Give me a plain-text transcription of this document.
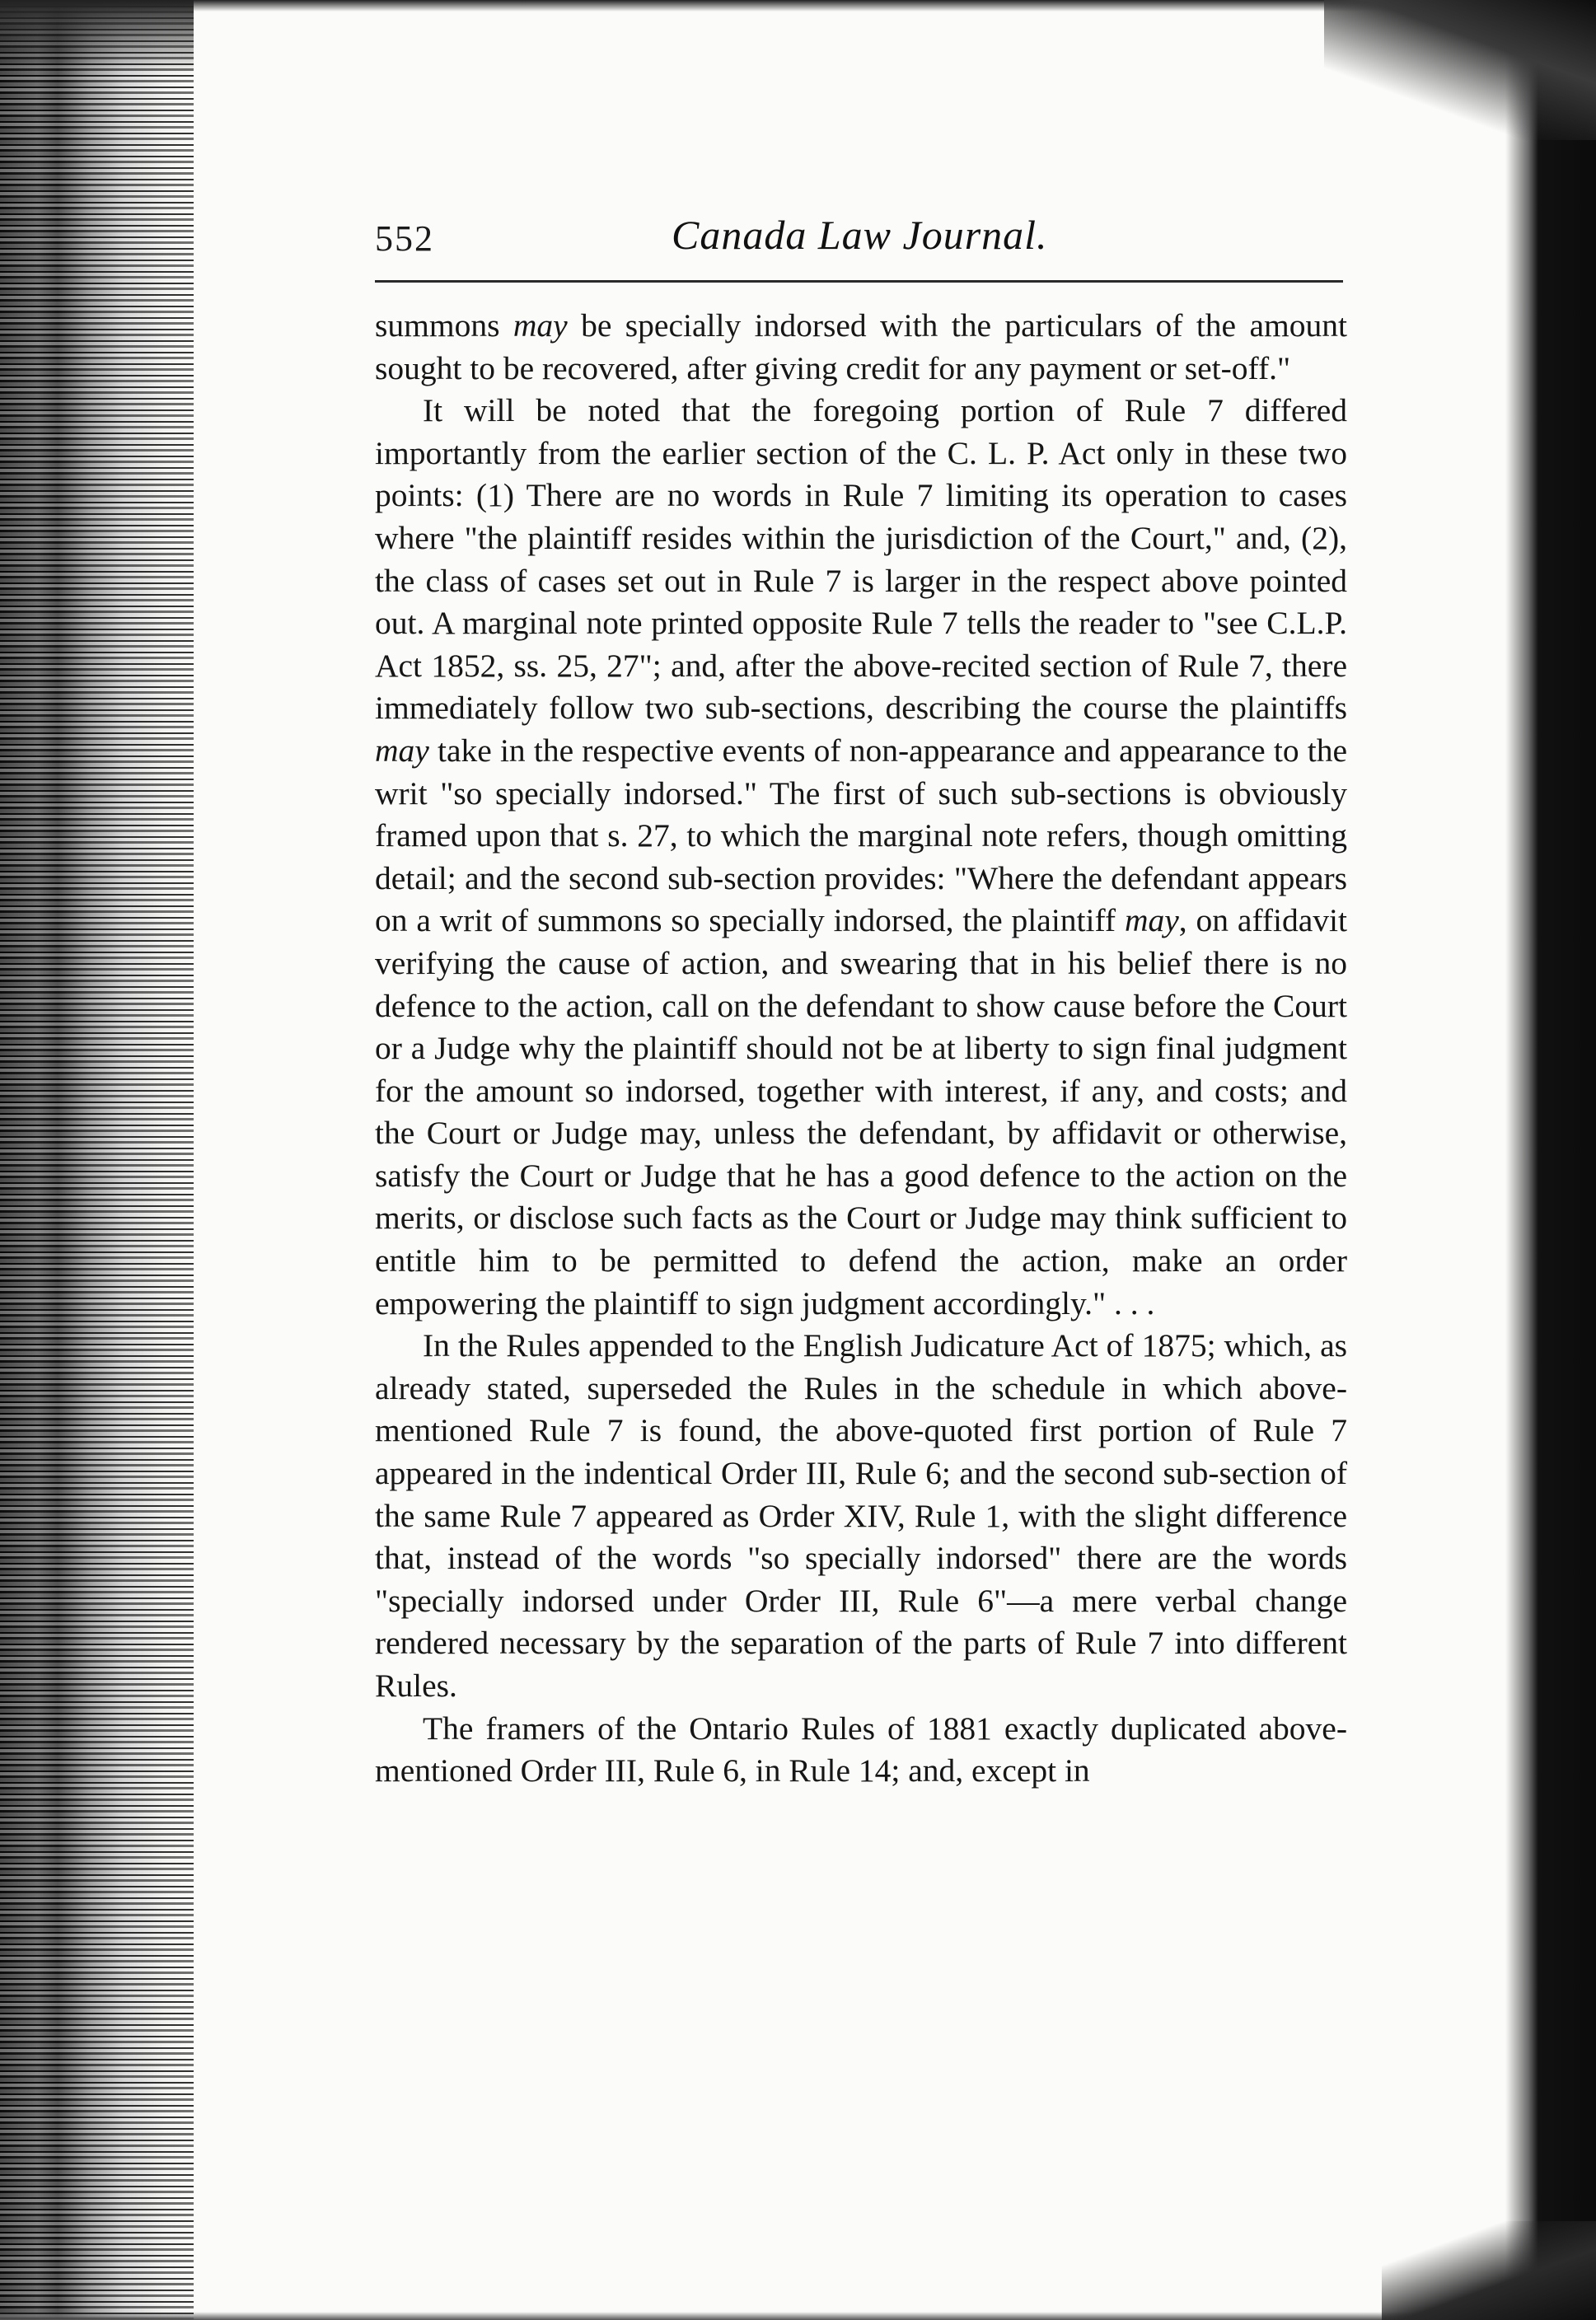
552	Canada Law Journal.

summons may be specially indorsed with the particulars of the amount sought to be recovered, after giving credit for any payment or set-off."

It will be noted that the foregoing portion of Rule 7 differed importantly from the earlier section of the C. L. P. Act only in these two points: (1) There are no words in Rule 7 limiting its operation to cases where "the plaintiff resides within the jurisdiction of the Court," and, (2), the class of cases set out in Rule 7 is larger in the respect above pointed out. A marginal note printed opposite Rule 7 tells the reader to "see C.L.P. Act 1852, ss. 25, 27"; and, after the above-recited section of Rule 7, there immediately follow two sub-sections, describing the course the plaintiffs may take in the respective events of non-appearance and appearance to the writ "so specially indorsed." The first of such sub-sections is obviously framed upon that s. 27, to which the marginal note refers, though omitting detail; and the second sub-section provides: "Where the defendant appears on a writ of summons so specially indorsed, the plaintiff may, on affidavit verifying the cause of action, and swearing that in his belief there is no defence to the action, call on the defendant to show cause before the Court or a Judge why the plaintiff should not be at liberty to sign final judgment for the amount so indorsed, together with interest, if any, and costs; and the Court or Judge may, unless the defendant, by affidavit or otherwise, satisfy the Court or Judge that he has a good defence to the action on the merits, or disclose such facts as the Court or Judge may think sufficient to entitle him to be permitted to defend the action, make an order empowering the plaintiff to sign judgment accordingly." . . .

In the Rules appended to the English Judicature Act of 1875; which, as already stated, superseded the Rules in the schedule in which above-mentioned Rule 7 is found, the above-quoted first portion of Rule 7 appeared in the indentical Order III, Rule 6; and the second sub-section of the same Rule 7 appeared as Order XIV, Rule 1, with the slight difference that, instead of the words "so specially indorsed" there are the words "specially indorsed under Order III, Rule 6"—a mere verbal change rendered necessary by the separation of the parts of Rule 7 into different Rules.

The framers of the Ontario Rules of 1881 exactly duplicated above-mentioned Order III, Rule 6, in Rule 14; and, except in
